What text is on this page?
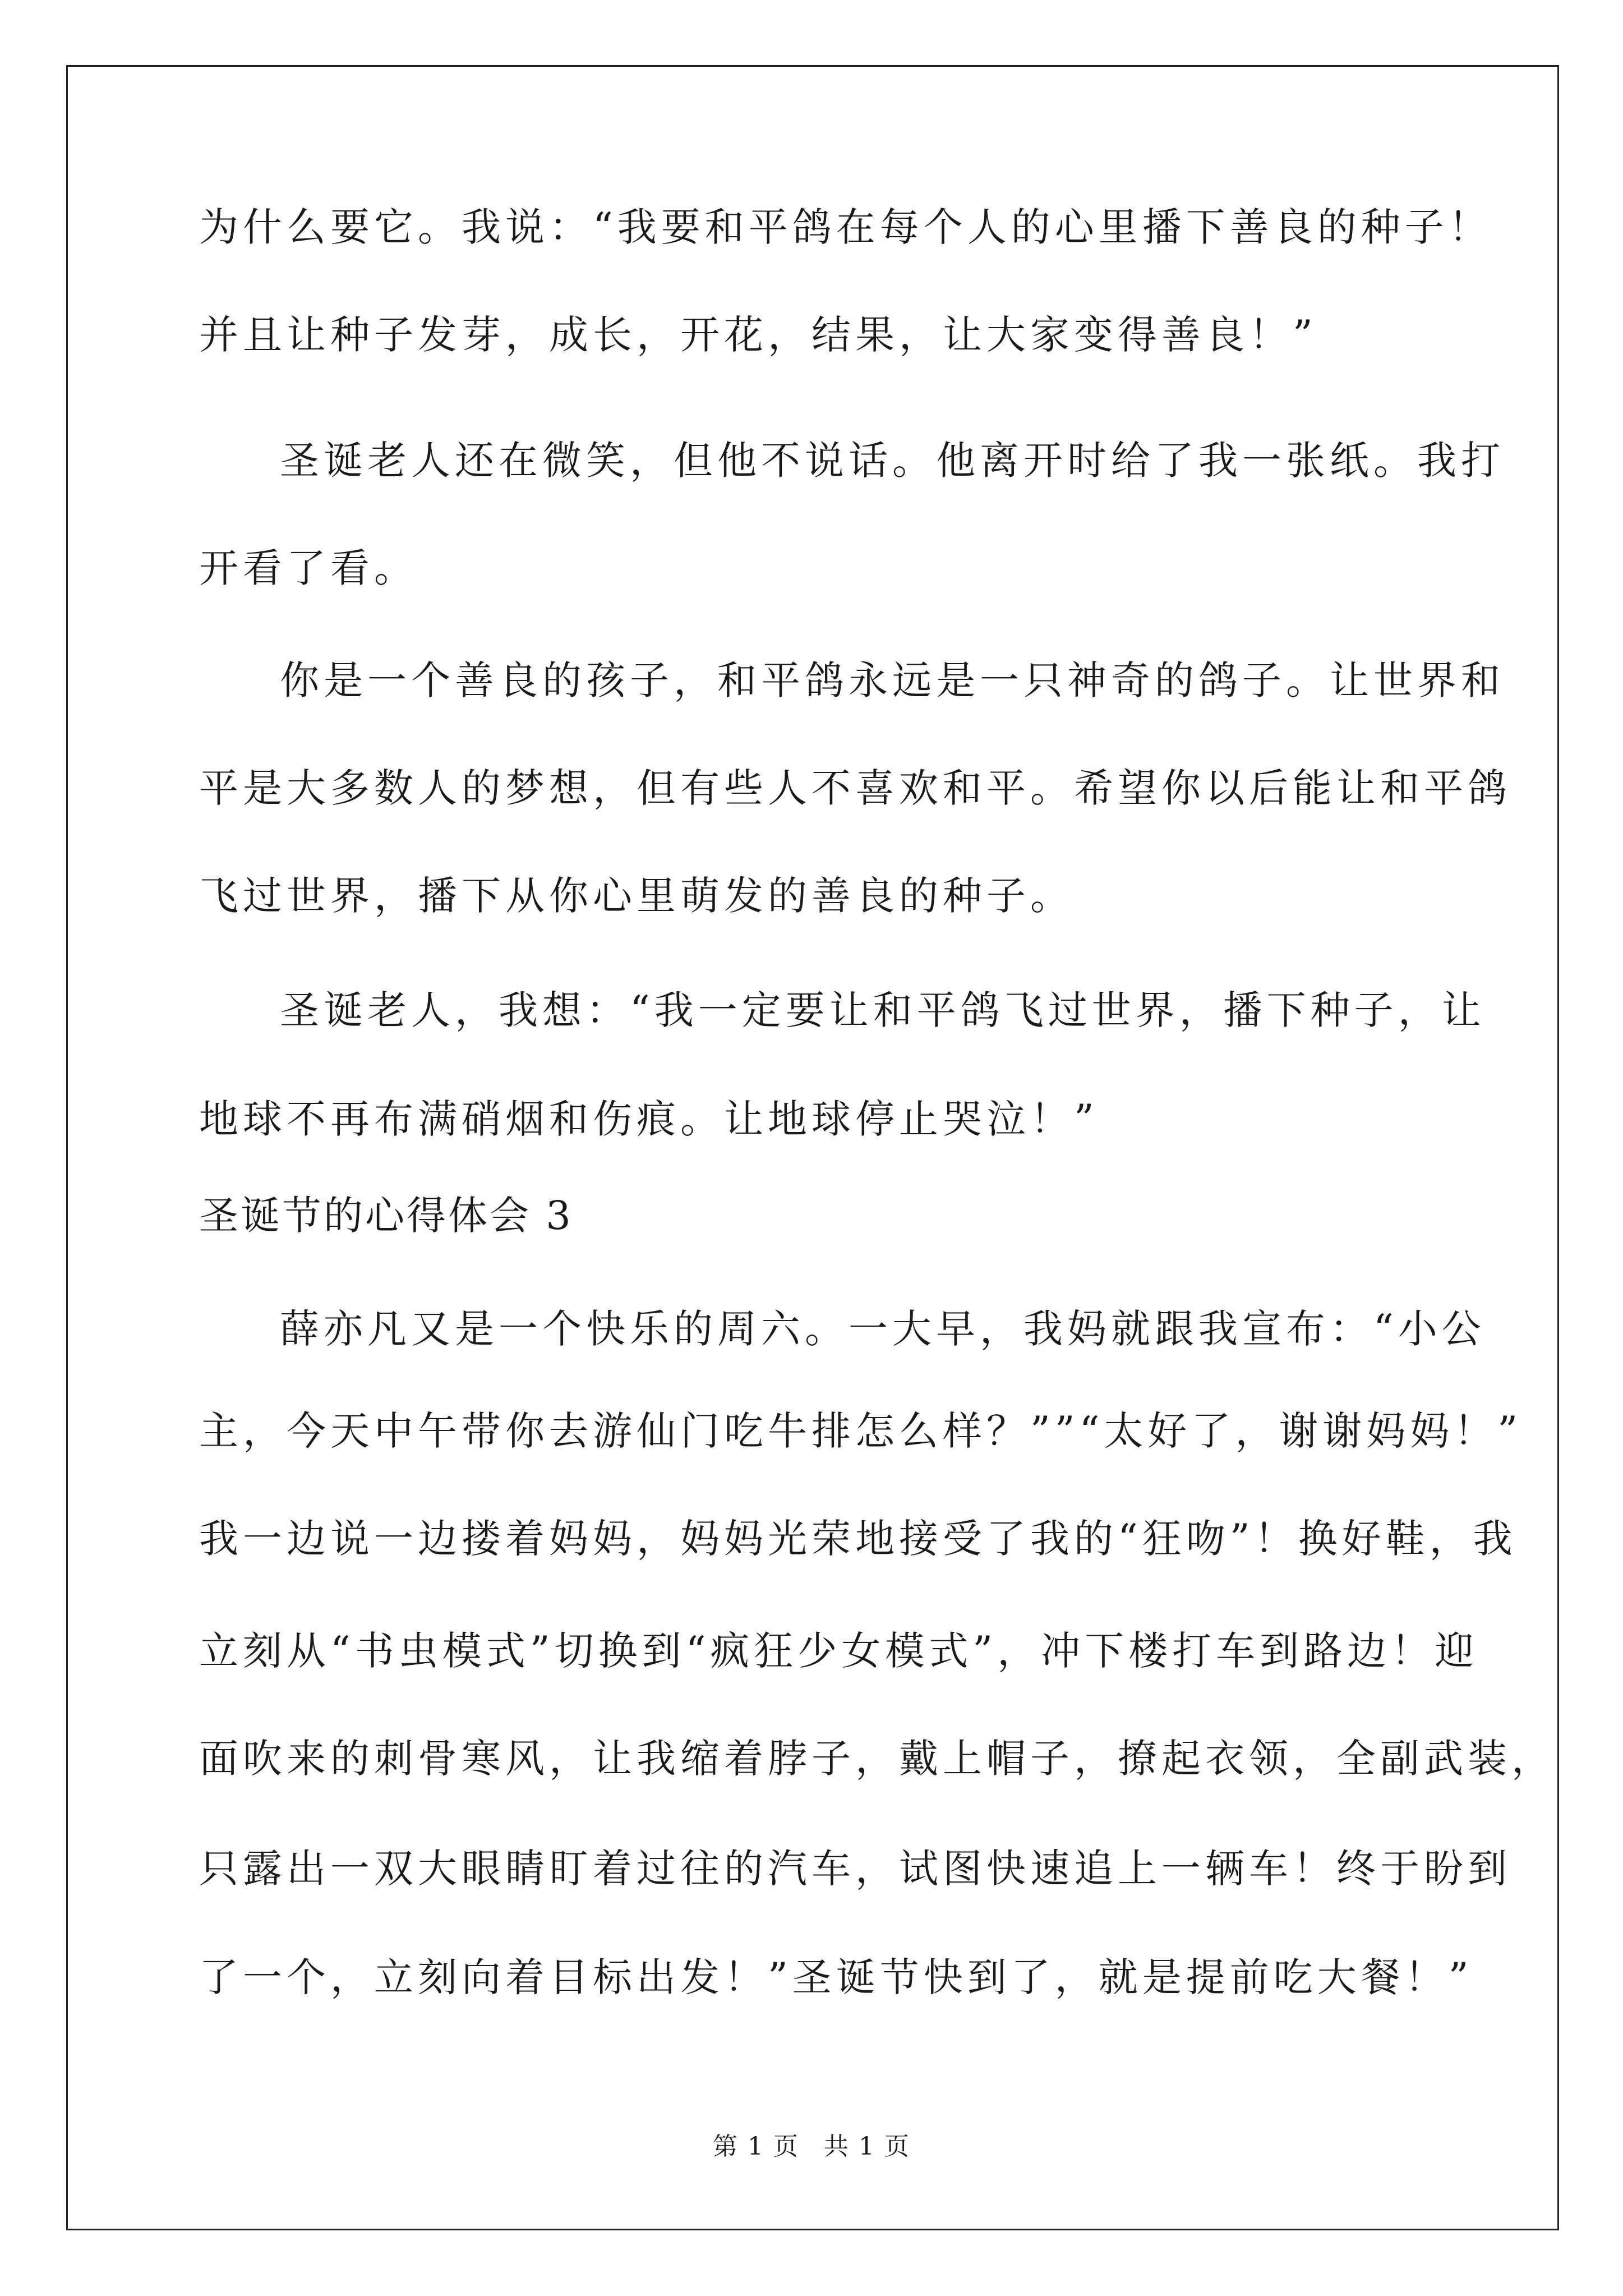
为什么要它。我说：“我要和平鸽在每个人的心里播下善良的种子！
并且让种子发芽，成长，开花，结果，让大家变得善良！”
圣诞老人还在微笑，但他不说话。他离开时给了我一张纸。我打
开看了看。
你是一个善良的孩子，和平鸽永远是一只神奇的鸽子。让世界和
平是大多数人的梦想，但有些人不喜欢和平。希望你以后能让和平鸽
飞过世界，播下从你心里萌发的善良的种子。
圣诞老人，我想：“我一定要让和平鸽飞过世界，播下种子，让
地球不再布满硝烟和伤痕。让地球停止哭泣！”
圣诞节的心得体会 3
薛亦凡又是一个快乐的周六。一大早，我妈就跟我宣布：“小公
主，今天中午带你去游仙门吃牛排怎么样？””“太好了，谢谢妈妈！”
我一边说一边搂着妈妈，妈妈光荣地接受了我的“狂吻”！换好鞋，我
立刻从“书虫模式”切换到“疯狂少女模式”，冲下楼打车到路边！迎
面吹来的刺骨寒风，让我缩着脖子，戴上帽子，撩起衣领，全副武装，
只露出一双大眼睛盯着过往的汽车，试图快速追上一辆车！终于盼到
了一个，立刻向着目标出发！”圣诞节快到了，就是提前吃大餐！”
第 1 页 共 1 页
